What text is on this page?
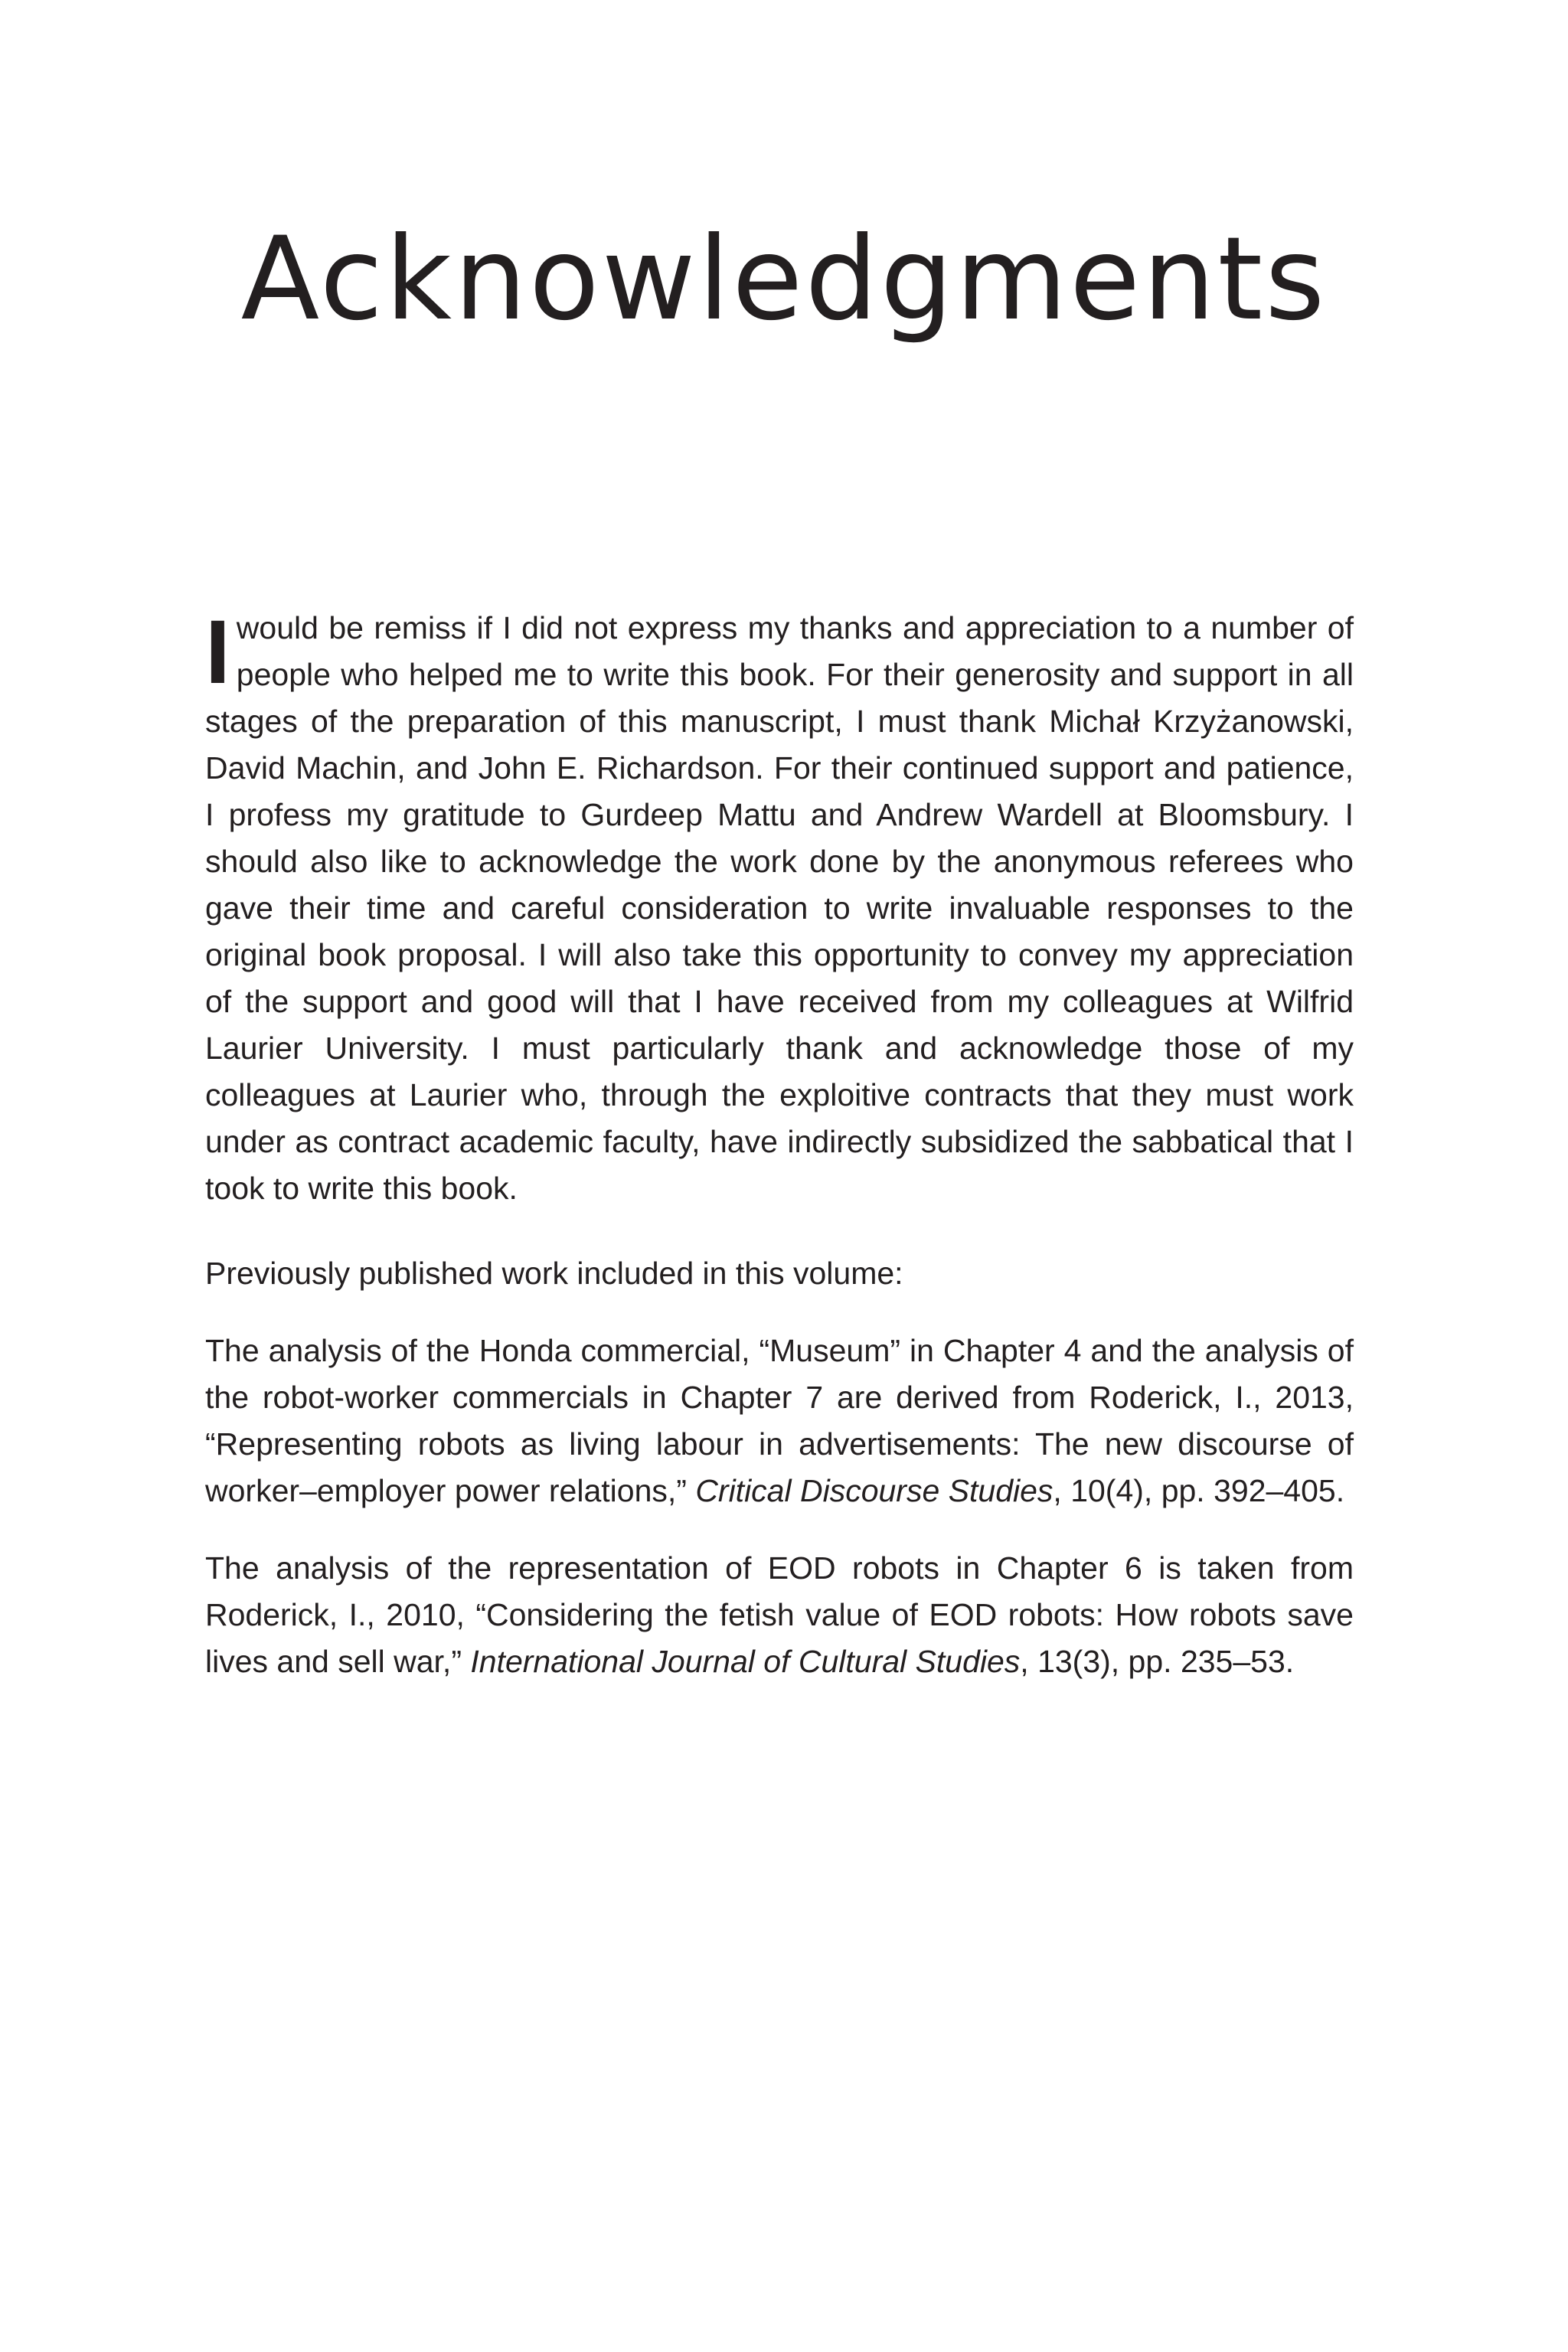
Acknowledgments

Iwould be remiss if I did not express my thanks and appreciation to a number of people who helped me to write this book. For their generosity and support in all stages of the preparation of this manuscript, I must thank Michał Krzyżanowski, David Machin, and John E. Richardson. For their continued support and patience, I profess my gratitude to Gurdeep Mattu and Andrew Wardell at Bloomsbury. I should also like to acknowledge the work done by the anonymous referees who gave their time and careful consideration to write invaluable responses to the original book proposal. I will also take this opportunity to convey my appreciation of the support and good will that I have received from my colleagues at Wilfrid Laurier University. I must particularly thank and acknowledge those of my colleagues at Laurier who, through the exploitive contracts that they must work under as contract academic faculty, have indirectly subsidized the sabbatical that I took to write this book.

Previously published work included in this volume:

The analysis of the Honda commercial, “Museum” in Chapter 4 and the analysis of the robot-worker commercials in Chapter 7 are derived from Roderick, I., 2013, “Representing robots as living labour in advertisements: The new discourse of worker–employer power relations,” Critical Discourse Studies, 10(4), pp. 392–405.

The analysis of the representation of EOD robots in Chapter 6 is taken from Roderick, I., 2010, “Considering the fetish value of EOD robots: How robots save lives and sell war,” International Journal of Cultural Studies, 13(3), pp. 235–53.
